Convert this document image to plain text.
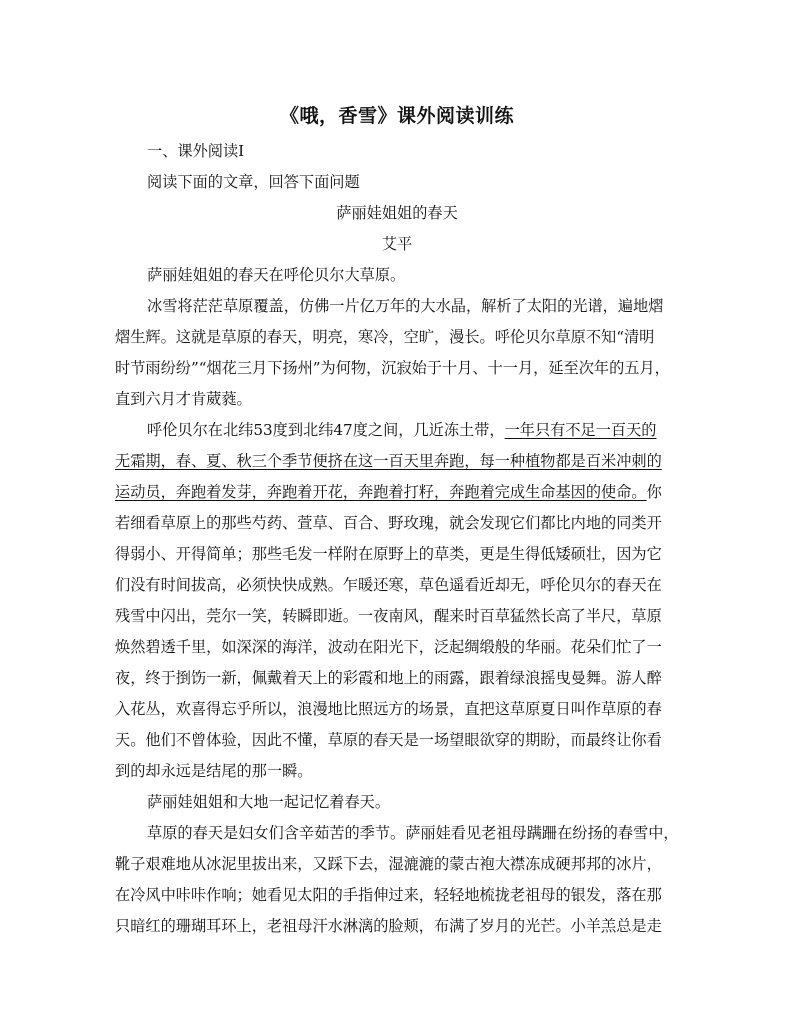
《哦，香雪》课外阅读训练
一、课外阅读Ⅰ
阅读下面的文章，回答下面问题
萨丽娃姐姐的春天
艾平
萨丽娃姐姐的春天在呼伦贝尔大草原。
冰雪将茫茫草原覆盖，仿佛一片亿万年的大水晶，解析了太阳的光谱，遍地熠
熠生辉。这就是草原的春天，明亮，寒冷，空旷，漫长。呼伦贝尔草原不知“清明
时节雨纷纷”“烟花三月下扬州”为何物，沉寂始于十月、十一月，延至次年的五月，
直到六月才肯葳蕤。
呼伦贝尔在北纬53度到北纬47度之间，几近冻土带，一年只有不足一百天的
无霜期，春、夏、秋三个季节便挤在这一百天里奔跑，每一种植物都是百米冲刺的
运动员，奔跑着发芽，奔跑着开花，奔跑着打籽，奔跑着完成生命基因的使命。你
若细看草原上的那些芍药、萱草、百合、野玫瑰，就会发现它们都比内地的同类开
得弱小、开得简单；那些毛发一样附在原野上的草类，更是生得低矮硕壮，因为它
们没有时间拔高，必须快快成熟。乍暖还寒，草色遥看近却无，呼伦贝尔的春天在
残雪中闪出，莞尔一笑，转瞬即逝。一夜南风，醒来时百草猛然长高了半尺，草原
焕然碧透千里，如深深的海洋，波动在阳光下，泛起绸缎般的华丽。花朵们忙了一
夜，终于捯饬一新，佩戴着天上的彩霞和地上的雨露，跟着绿浪摇曳曼舞。游人醉
入花丛，欢喜得忘乎所以，浪漫地比照远方的场景，直把这草原夏日叫作草原的春
天。他们不曾体验，因此不懂，草原的春天是一场望眼欲穿的期盼，而最终让你看
到的却永远是结尾的那一瞬。
萨丽娃姐姐和大地一起记忆着春天。
草原的春天是妇女们含辛茹苦的季节。萨丽娃看见老祖母蹒跚在纷扬的春雪中，
靴子艰难地从冰泥里拔出来，又踩下去，湿漉漉的蒙古袍大襟冻成硬邦邦的冰片，
在冷风中咔咔作响；她看见太阳的手指伸过来，轻轻地梳拢老祖母的银发，落在那
只暗红的珊瑚耳环上，老祖母汗水淋漓的脸颊，布满了岁月的光芒。小羊羔总是走
